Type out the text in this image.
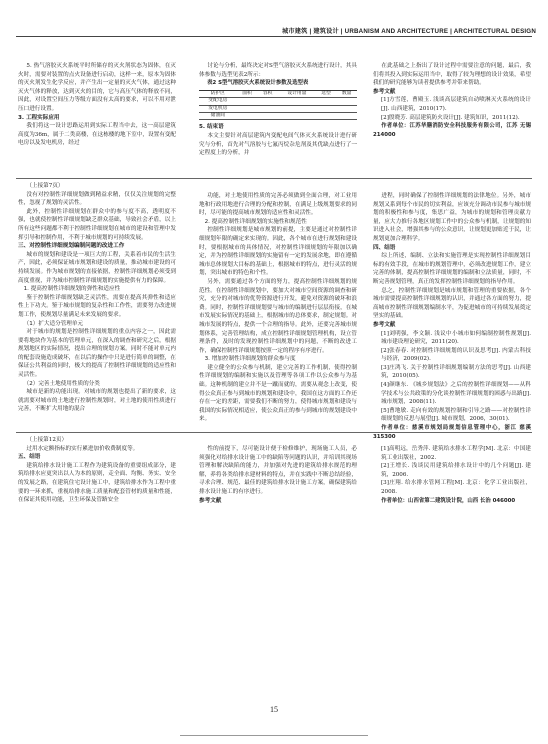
城市建筑 | 建筑设计 | URBANISM AND ARCHITECTURE | ARCHITECTURAL DESIGN

5. 热气溶胶灭火系统平时所储存的灭火剂状态为固体，在灭火时，需要对装置的点火设备进行启动，这样一来，原本为固体的灭火剂发生化学反应，并产生出一定量的灭火气体，通过这种灭火气体的释放，达到灭火的目的，它与高压气体的释放不同，因此，对设置空间压力等级方面没有太高的要求，可以不用对泄压口进行设置。

3. 工程实际应用

我们将这一设计思路运用到实际工程当中去，这一高层建筑高度为36m，属于二类高楼，在这栋楼的地下室中，设置有变配电房以及发电机房，经过

讨论与分析，最终决定对S型气溶胶灭火系统进行设计，其具体参数与选型见表2所示：

表2 S型气溶胶灭火系统设计参数及选型表

防护区	面积	容积	设计用量	选型	数量
变配电房					
发电机房					
储油间					

5. 结束语

本文主要针对高层建筑内变配电间气体灭火系统设计进行研究与分析，首先对气溶胶与七氟丙烷杂危剂及其优缺点进行了一定程度上的分析，并

在此基础之上指出了设计过程中需要注意的问题，最后，我们将其投入到实际运用当中，取得了较为理想的设计效果，希望我们的研究能够为读者提供参考并带来帮助。

参考文献

[1]方雪莲，曹殿玉. 浅谈高层建筑自动喷淋灭火系统的设计[J]. 山西建筑，2010(17).

[2]殷晓芳. 高层建筑防火设计[J]. 建筑知识，2011(12).

作者单位：江苏华膳消防安全科技服务有限公司，江苏 无锡 214000

（上接第7页）

没有对控制性详细规划做到精益求精，仅仅关注规划的完整性，忽视了规划的灵活性。

此外，控制性详细规划在群众中的参与度不高，透明度不强，也就使控制性详细规划缺乏群众基础，导致社会矛盾，以上所有这些问题都不利于控制性详细规划在城市的建设和管理中发挥引导和控制作用，不利于城市规划的可持续发展。

三、对控制性详细规划编制问题的改进工作

城市的规划和建设是一项巨大的工程，关系着市民的生活生产，因此，必须保证城市规划和建设的质量，推动城市建设的可持续发展。作为城市规划的直接依据，控制性详细规划必须受到高度重视，并为城市控制性详细规划的实施提供有力的保障。

1. 提高控制性详细规划的弹性和适应性

鉴于控制性详细规划缺乏灵活性，需要在提高其弹性和适应性上下功夫。鉴于城市规划的复杂性和工作性，需要努力改进规划工作，使规划尽量满足未来发展的要求。

（1）扩大适分管理单元

对于城市的规划是控制性详细规划的重点内容之一，因此需要将地块作为基本的管理单元，在深入的调查和研究之后，根据规划地区的实际情况，提出合理的规划方案。同时不能对单元内的配套设施造成破坏，在以后的操作中只是进行简单的调整，在保证公共利益的同时，极大的提高了控制性详细规划的适应性和灵活性。

（2）完善土地使用性质的分类

城市是新的功能出现。对城市的规划也提出了新的要求，这就需要对城市的土地进行控制性规划时，对土地的使用性质进行完善，不断扩大用地的混合

功能，对土地使用性质的完善必须做到全面合理，对工业用地和行政用地进行合理的分配和控制，在满足上级规划要求的同时，尽可能的提高城市规划的适应性和灵活性。

2. 提高控制性详细规划的实施性和规范性

控制性详细规划是城市规划的前提，主要是通过对控制性详细规划年限的确定来实现的。因此，各个城市在进行规划和建设时，要根据城市的具体情况，对控制性详细规划的年限加以确定，并为控制性详细规划的实施留有一定的发展余地，即在遵循城市总体规划大目标的基础上，根据城市的特点，进行灵活的规划，突出城市的特色和个性。

另外，需要通过各个方面的努力，提高控制性详细规划的规范性。在控制性详细规划中，要加大对城市空间资源的调查和研究，充分的对城市的优势资源进行开发，避免对资源的破坏和浪费。同时，控制性详细规划要与城市的编制进行层层衔接，在城市发展实际情况的基础上，根据城市的总体要求，制定规划。对城市发展的特点，提供一个合理的指导。此外，还要完善城市规划体系，完善管理结构，成立控制性详细规划管理机构，设立管理条件，及时的发现控制性详细规划中的问题，不断的改进工作，确保控制性详细规划按照一定的程序有序进行。

3. 增加控制性详细规划的群众参与度

建立健全的公众参与机制，建立完善的工作机制，使得控制性详细规划的编制和实施以及管理等各项工作以公众参与为基础。这种机制的建立并不是一蹴而就的，需要从观念上改变，使得公众真正参与到城市的规划和建设中，我国在这方面的工作还存在一定的差距，需要我们不断的努力，使得城市规划和建设与我国的实际情况相适应，使公众真正的参与到城市的规划建设中来。

进程，同时确保了控制性详细规划的法律地位。另外，城市规划又系到每个市民的切实利益，应该充分调动市民参与城市规划的积极性和参与度，集思广益，为城市的规划和管理贡献力量，应大力推行各地区规划工作中的公众参与机制，让规划的知识进入社会，增强其参与的公众意识，让规划更加贴近于民，让规划更加合理科学。

四、结语

综上所述，编制、立法和实施管理是实现控制性详细规划目标的有效手段，在城市的规划管理中，必须改进规划工作，建立完善的体制，提高控制性详细规划的编制和立法质量，同时，不断完善规划管理，真正的发挥控制性详细规划的指导作用。

总之，控制性详细规划是城市规划和管理的重要依据，各个城市需要提高控制性详细规划的认识，并通过各方面的努力，提高城市控制性详细规划编制水平，为促进城市的可持续发展奠定坚实的基础。

参考文献

[1]刘明强，李文颖. 浅议中小城市如何编制控制性规划[J]. 城市建设理论研究，2011(20).

[2]张春春. 对控制性详细规划的认识及思考[J]. 内蒙古科技与经济，2009(02).

[3]庄鸿飞. 关于控制性详细规划编制方法的思考[J]. 山西建筑，2010(05).

[4]颜继东. 《城乡规划法》之后的控制性详细规划——从科学技术与公共政策的分化谈控制性详细规划的困惑与出路[J]. 城市规划，2008(11).

[5]曹地敏. 走向有效的规划控制和引导之路——对控制性详细规划的反思与展望[J]. 城市规划，2006，30(01).

作者单位：慈溪市规划局规划信息管理中心，浙江 慈溪 315300

（上接第12页）

过用水定额指标的实行累进加价收费制度等。

五、结语

建筑给排水设计施工工程作为建筑设备的重要组成部分，建筑给排水应更突出以人为本的原则，走全面、均衡、务实、安全的发展之路，在建筑住宅设计施工中，建筑给排水作为工程中重要的一环来抓，重视给排水施工质量和配套管材的质量和性能，在保证其使用功能，卫生环保及管路安全

性的前提下，尽可能设计便于检修维护，现场施工人员，必须强化对给排水设计施工中的缺陷等问题的认识，并培训其现场管理和解决缺陷的能力，并加强对先进的建筑给排水规范的理解，养将各类给排水建材料的特点，并在实践中不断总结经验，寻求合理、规范、最佳的建筑给排水设计施工方案，确保建筑给排水设计施工的有序进行。

参考文献

[1]高明远，岳秀萍. 建筑给水排水工程学[M]. 北京：中国建筑工业出版社，2002.

[2]王增长. 浅谈民用建筑给排水设计中的几个问题[J]. 建筑，2006.

[3]庄翔. 给水排水管网工程[M]. 北京：化学工业出版社，2008.

作者单位：山西省第二建筑设计院，山西 长治 046000

15
